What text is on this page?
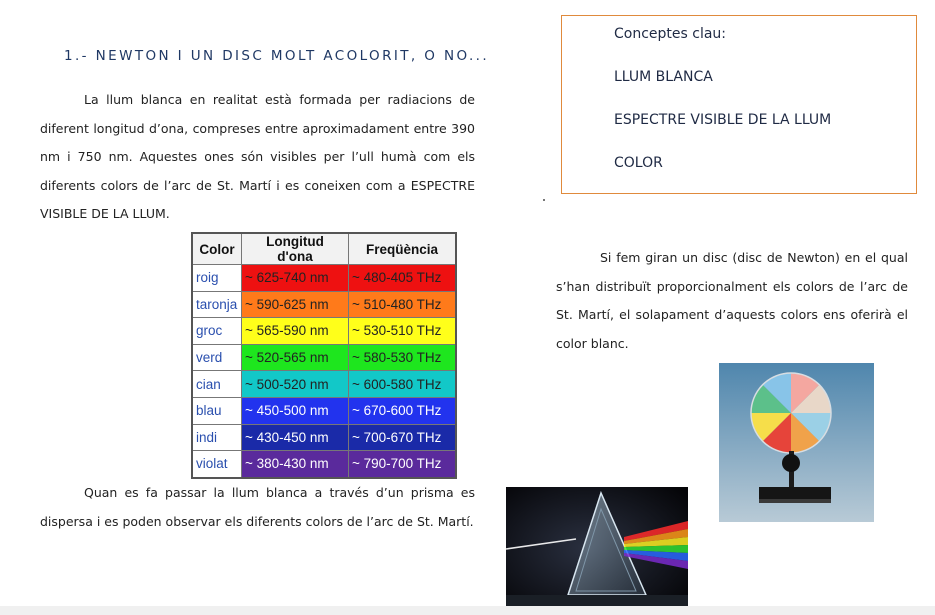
1.- NEWTON I UN DISC MOLT ACOLORIT, O NO...
La llum blanca en realitat està formada per radiacions de diferent longitud d’ona, compreses entre aproximadament entre 390 nm i 750 nm. Aquestes ones són visibles per l’ull humà com els diferents colors de l’arc de St. Martí i es coneixen com a ESPECTRE VISIBLE DE LA LLUM.
Conceptes clau:
LLUM BLANCA
ESPECTRE VISIBLE DE LA LLUM
COLOR
Color	Longitud d'ona	Freqüència
roig	~ 625-740 nm	~ 480-405 THz
taronja	~ 590-625 nm	~ 510-480 THz
groc	~ 565-590 nm	~ 530-510 THz
verd	~ 520-565 nm	~ 580-530 THz
cian	~ 500-520 nm	~ 600-580 THz
blau	~ 450-500 nm	~ 670-600 THz
indi	~ 430-450 nm	~ 700-670 THz
violat	~ 380-430 nm	~ 790-700 THz
Quan es fa passar la llum blanca a través d’un prisma es dispersa i es poden observar els diferents colors de l’arc de St. Martí.
Si fem giran un disc (disc de Newton) en el qual s’han distribuït proporcionalment els colors de l’arc de St. Martí, el solapament d’aquests colors ens oferirà el color blanc.
